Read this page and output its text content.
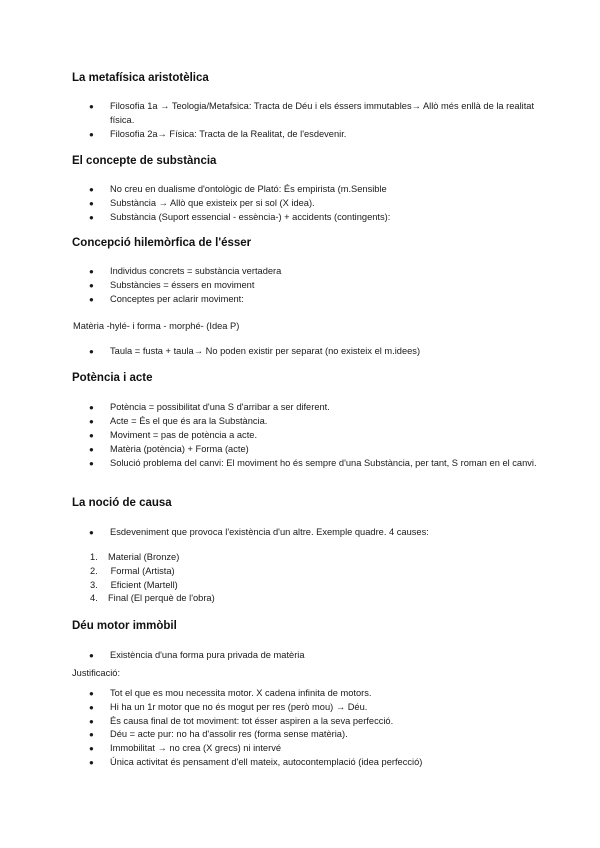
La metafísica aristotèlica
● Filosofia 1a → Teologia/Metafsica: Tracta de Déu i els éssers immutables→ Allò més enllà de la realitat física.
● Filosofia 2a→ Física: Tracta de la Realitat, de l'esdevenir.
El concepte de substància
● No creu en dualisme d'ontològic de Plató: És empirista (m.Sensible
● Substància → Allò que existeix per si sol (X idea).
● Substància (Suport essencial - essència-) + accidents (contingents):
Concepció hilemòrfica de l'ésser
● Individus concrets = substància vertadera
● Substàncies = éssers en moviment
● Conceptes per aclarir moviment:
Matèria -hylé- i forma - morphé- (Idea P)
● Taula = fusta + taula→ No poden existir per separat (no existeix el m.idees)
Potència i acte
● Potència = possibilitat d'una S d'arribar a ser diferent.
● Acte = És el que és ara la Substància.
● Moviment = pas de potència a acte.
● Matèria (potència) + Forma (acte)
● Solució problema del canvi: El moviment ho és sempre d'una Substància, per tant, S roman en el canvi.
La noció de causa
● Esdeveniment que provoca l'existència d'un altre. Exemple quadre. 4 causes:
1. Material (Bronze)
2. Formal (Artista)
3. Eficient (Martell)
4. Final (El perquè de l'obra)
Déu motor immòbil
● Existència d'una forma pura privada de matèria
Justificació:
● Tot el que es mou necessita motor. X cadena infinita de motors.
● Hi ha un 1r motor que no és mogut per res (però mou) → Déu.
● És causa final de tot moviment: tot ésser aspiren a la seva perfecció.
● Déu = acte pur: no ha d'assolir res (forma sense matèria).
● Immobilitat → no crea (X grecs) ni intervé
● Única activitat és pensament d'ell mateix, autocontemplació (idea perfecció)
